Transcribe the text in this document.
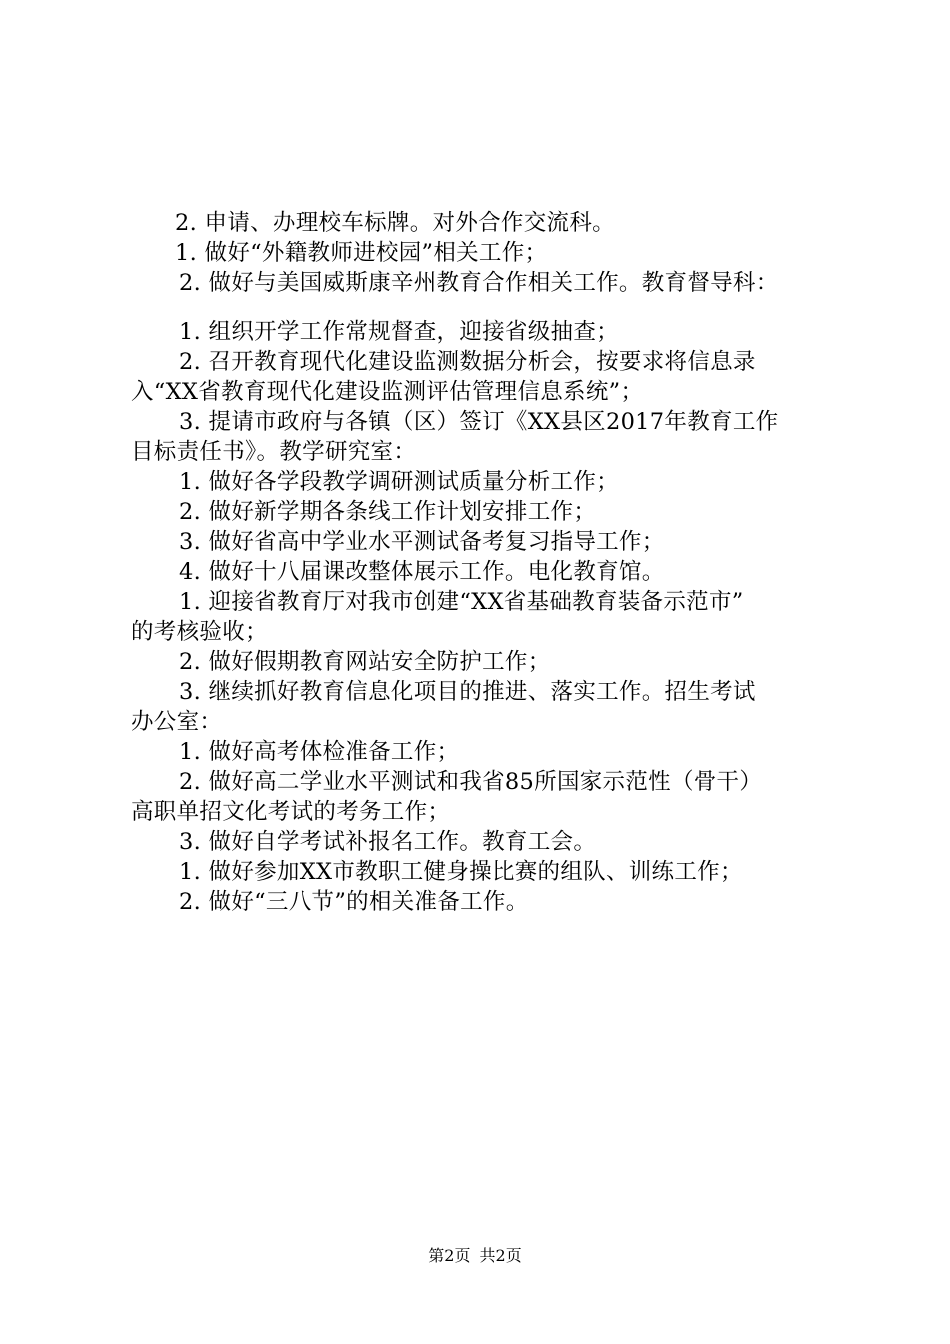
2. 申请、办理校车标牌。对外合作交流科。
1. 做好“外籍教师进校园”相关工作；
2. 做好与美国威斯康辛州教育合作相关工作。教育督导科：
1. 组织开学工作常规督查，迎接省级抽查；
2. 召开教育现代化建设监测数据分析会，按要求将信息录
入“XX省教育现代化建设监测评估管理信息系统”；
3. 提请市政府与各镇（区）签订《XX县区2017年教育工作
目标责任书》。教学研究室：
1. 做好各学段教学调研测试质量分析工作；
2. 做好新学期各条线工作计划安排工作；
3. 做好省高中学业水平测试备考复习指导工作；
4. 做好十八届课改整体展示工作。电化教育馆。
1. 迎接省教育厅对我市创建“XX省基础教育装备示范市”
的考核验收；
2. 做好假期教育网站安全防护工作；
3. 继续抓好教育信息化项目的推进、落实工作。招生考试
办公室：
1. 做好高考体检准备工作；
2. 做好高二学业水平测试和我省85所国家示范性（骨干）
高职单招文化考试的考务工作；
3. 做好自学考试补报名工作。教育工会。
1. 做好参加XX市教职工健身操比赛的组队、训练工作；
2. 做好“三八节”的相关准备工作。
第2页 共2页
